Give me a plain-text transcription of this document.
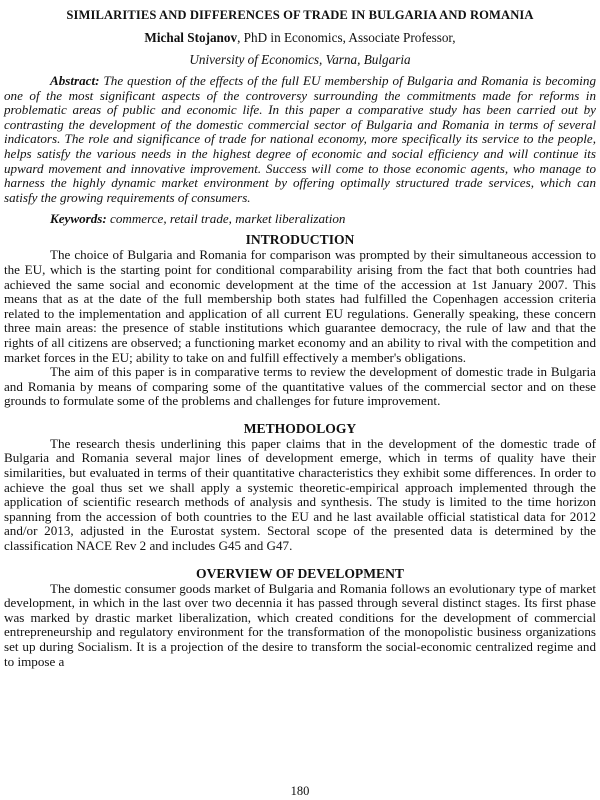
SIMILARITIES AND DIFFERENCES OF TRADE IN BULGARIA AND ROMANIA

Michal Stojanov, PhD in Economics, Associate Professor,

University of Economics, Varna, Bulgaria

Abstract: The question of the effects of the full EU membership of Bulgaria and Romania is becoming one of the most significant aspects of the controversy surrounding the commitments made for reforms in problematic areas of public and economic life. In this paper a comparative study has been carried out by contrasting the development of the domestic commercial sector of Bulgaria and Romania in terms of several indicators. The role and significance of trade for national economy, more specifically its service to the people, helps satisfy the various needs in the highest degree of economic and social efficiency and will continue its upward movement and innovative improvement. Success will come to those economic agents, who manage to harness the highly dynamic market environment by offering optimally structured trade services, which can satisfy the growing requirements of consumers.

Keywords: commerce, retail trade, market liberalization

INTRODUCTION

The choice of Bulgaria and Romania for comparison was prompted by their simultaneous accession to the EU, which is the starting point for conditional comparability arising from the fact that both countries had achieved the same social and economic development at the time of the accession at 1st January 2007. This means that as at the date of the full membership both states had fulfilled the Copenhagen accession criteria related to the implementation and application of all current EU regulations. Generally speaking, these concern three main areas: the presence of stable institutions which guarantee democracy, the rule of law and that the rights of all citizens are observed; a functioning market economy and an ability to rival with the competition and market forces in the EU; ability to take on and fulfill effectively a member's obligations.

The aim of this paper is in comparative terms to review the development of domestic trade in Bulgaria and Romania by means of comparing some of the quantitative values of the commercial sector and on these grounds to formulate some of the problems and challenges for future improvement.

METHODOLOGY

The research thesis underlining this paper claims that in the development of the domestic trade of Bulgaria and Romania several major lines of development emerge, which in terms of quality have their similarities, but evaluated in terms of their quantitative characteristics they exhibit some differences. In order to achieve the goal thus set we shall apply a systemic theoretic-empirical approach implemented through the application of scientific research methods of analysis and synthesis. The study is limited to the time horizon spanning from the accession of both countries to the EU and he last available official statistical data for 2012 and/or 2013, adjusted in the Eurostat system. Sectoral scope of the presented data is determined by the classification NACE Rev 2 and includes G45 and G47.

OVERVIEW OF DEVELOPMENT

The domestic consumer goods market of Bulgaria and Romania follows an evolutionary type of market development, in which in the last over two decennia it has passed through several distinct stages. Its first phase was marked by drastic market liberalization, which created conditions for the development of commercial entrepreneurship and regulatory environment for the transformation of the monopolistic business organizations set up during Socialism. It is a projection of the desire to transform the social-economic centralized regime and to impose a

180
